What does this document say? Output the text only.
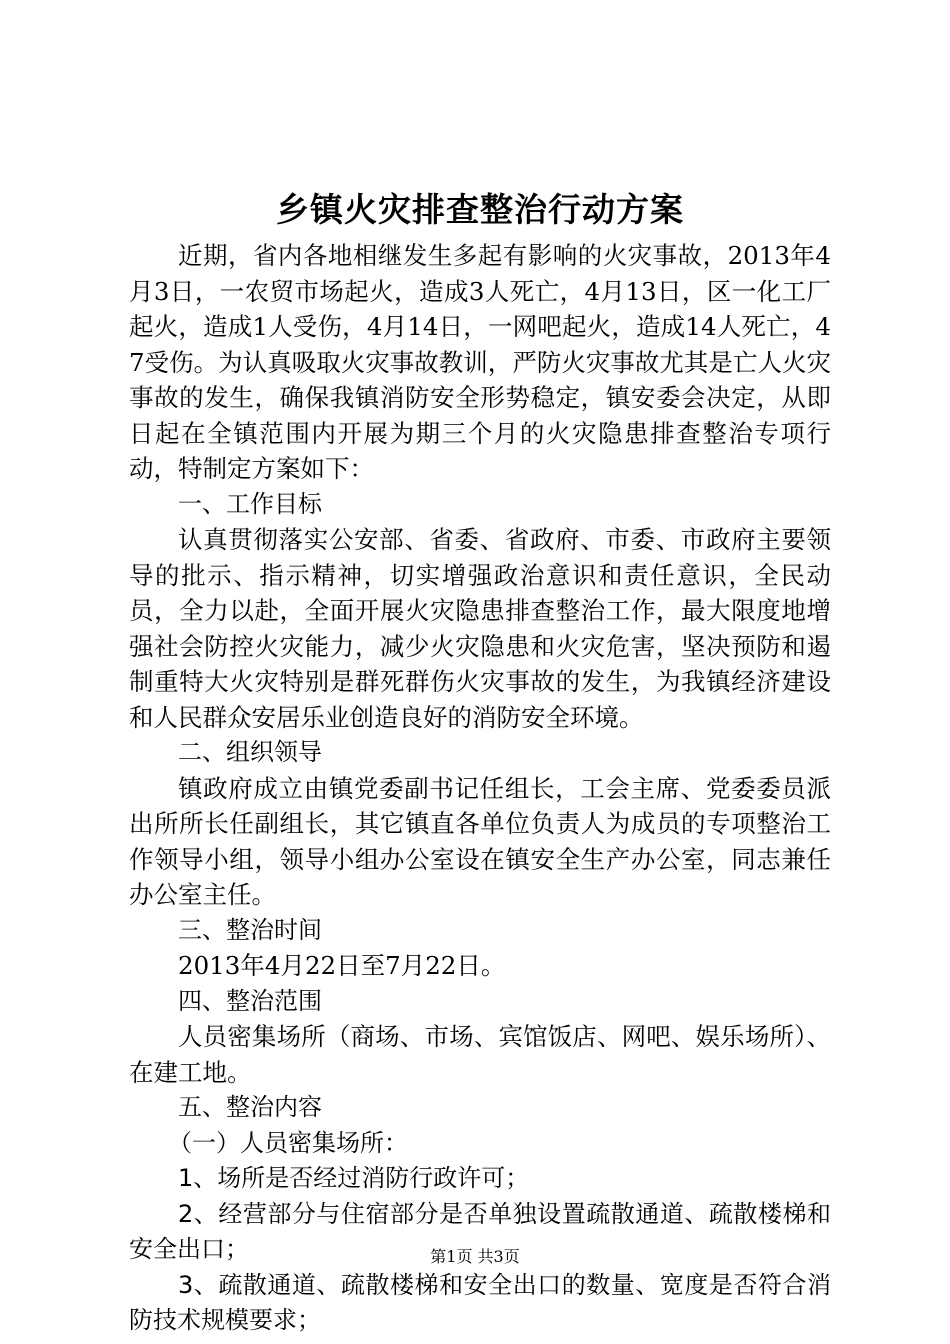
乡镇火灾排查整治行动方案

近期，省内各地相继发生多起有影响的火灾事故，2013年4月3日，一农贸市场起火，造成3人死亡，4月13日，区一化工厂起火，造成1人受伤，4月14日，一网吧起火，造成14人死亡，47受伤。为认真吸取火灾事故教训，严防火灾事故尤其是亡人火灾事故的发生，确保我镇消防安全形势稳定，镇安委会决定，从即日起在全镇范围内开展为期三个月的火灾隐患排查整治专项行动，特制定方案如下：

一、工作目标

认真贯彻落实公安部、省委、省政府、市委、市政府主要领导的批示、指示精神，切实增强政治意识和责任意识，全民动员，全力以赴，全面开展火灾隐患排查整治工作，最大限度地增强社会防控火灾能力，减少火灾隐患和火灾危害，坚决预防和遏制重特大火灾特别是群死群伤火灾事故的发生，为我镇经济建设和人民群众安居乐业创造良好的消防安全环境。

二、组织领导

镇政府成立由镇党委副书记任组长，工会主席、党委委员派出所所长任副组长，其它镇直各单位负责人为成员的专项整治工作领导小组，领导小组办公室设在镇安全生产办公室，同志兼任办公室主任。

三、整治时间

2013年4月22日至7月22日。

四、整治范围

人员密集场所（商场、市场、宾馆饭店、网吧、娱乐场所）、在建工地。

五、整治内容

（一）人员密集场所：

1、场所是否经过消防行政许可；

2、经营部分与住宿部分是否单独设置疏散通道、疏散楼梯和安全出口；

3、疏散通道、疏散楼梯和安全出口的数量、宽度是否符合消防技术规模要求；

第1页 共3页
